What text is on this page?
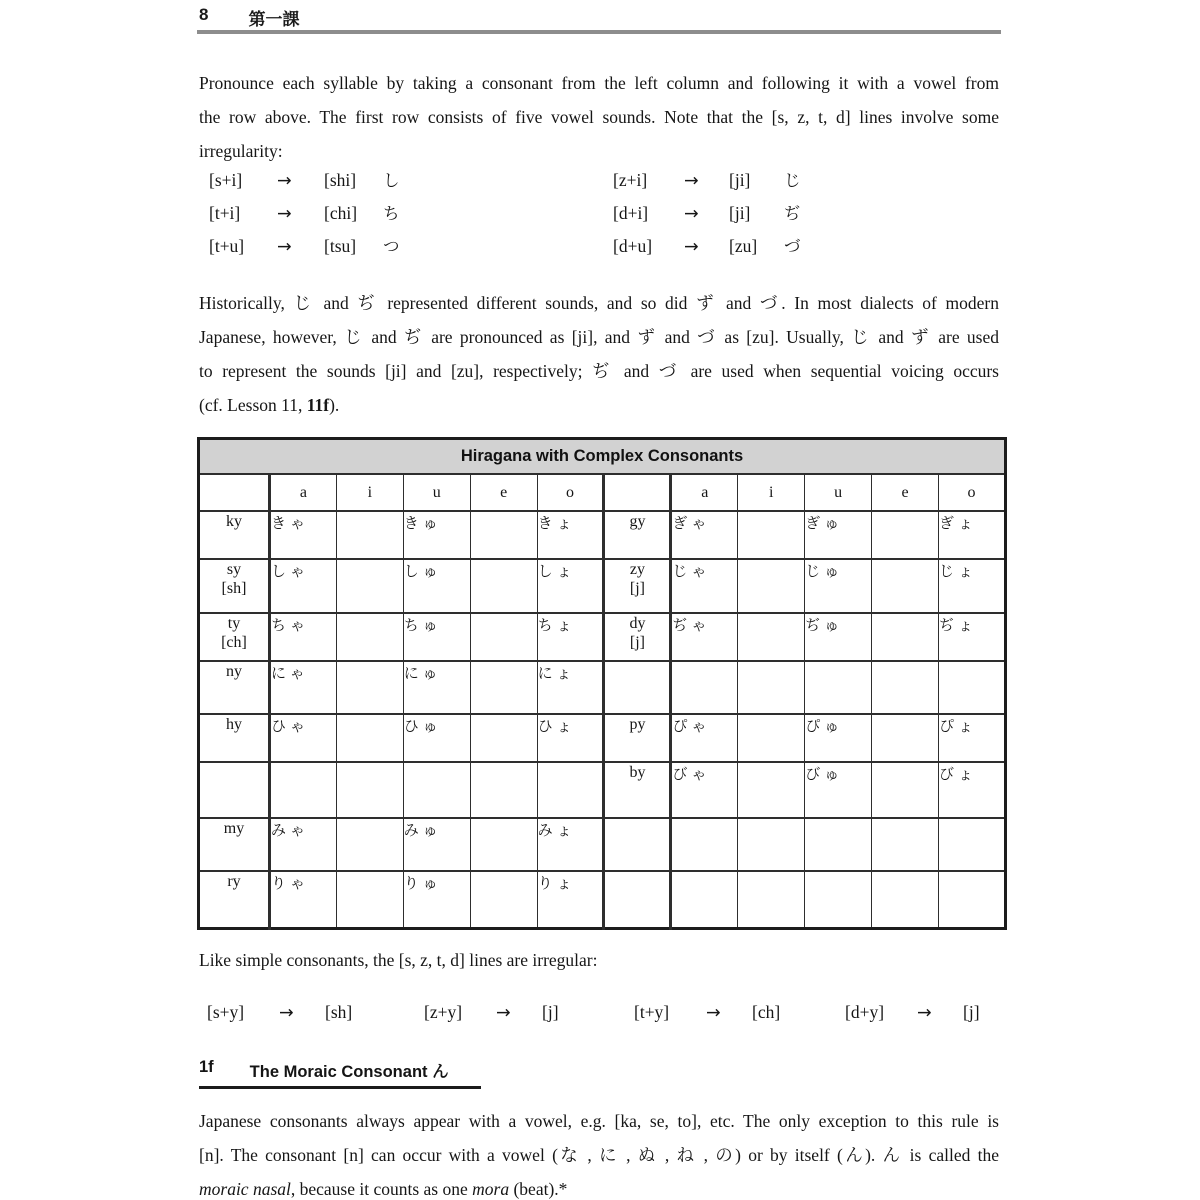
8 第一課
Pronounce each syllable by taking a consonant from the left column and following it with a vowel from
the row above. The first row consists of five vowel sounds. Note that the [s, z, t, d] lines involve some
irregularity:
[s+i] → [shi] し	[z+i] → [ji] じ
[t+i] → [chi] ち	[d+i] → [ji] ぢ
[t+u] → [tsu] つ	[d+u] → [zu] づ
Historically, じ and ぢ represented different sounds, and so did ず and づ. In most dialects of modern
Japanese, however, じ and ぢ are pronounced as [ji], and ず and づ as [zu]. Usually, じ and ず are used
to represent the sounds [ji] and [zu], respectively; ぢ and づ are used when sequential voicing occurs
(cf. Lesson 11, 11f).
Hiragana with Complex Consonants											
	a	i	u	e	o		a	i	u	e	o

ky	きゃ		きゅ		きょ	gy	ぎゃ		ぎゅ		ぎょ

sy
[sh]
	しゃ		しゅ		しょ	zy
[j]
	じゃ		じゅ		じょ

ty
[ch]
	ちゃ		ちゅ		ちょ	dy
[j]
	ぢゃ		ぢゅ		ぢょ

ny	にゃ		にゅ		にょ	

hy	ひゃ		ひゅ		ひょ	py	ぴゃ		ぴゅ		ぴょ

						by	びゃ		びゅ		びょ

my	みゃ		みゅ		みょ	

ry	りゃ		りゅ		りょ	

Like simple consonants, the [s, z, t, d] lines are irregular:
[s+y] → [sh]	[z+y] → [j]	[t+y] → [ch]	[d+y] → [j]
1f The Moraic Consonant ん
Japanese consonants always appear with a vowel, e.g. [ka, se, to], etc. The only exception to this rule is
[n]. The consonant [n] can occur with a vowel (な , に , ぬ , ね , の) or by itself (ん). ん is called the
moraic nasal, because it counts as one mora (beat).*
